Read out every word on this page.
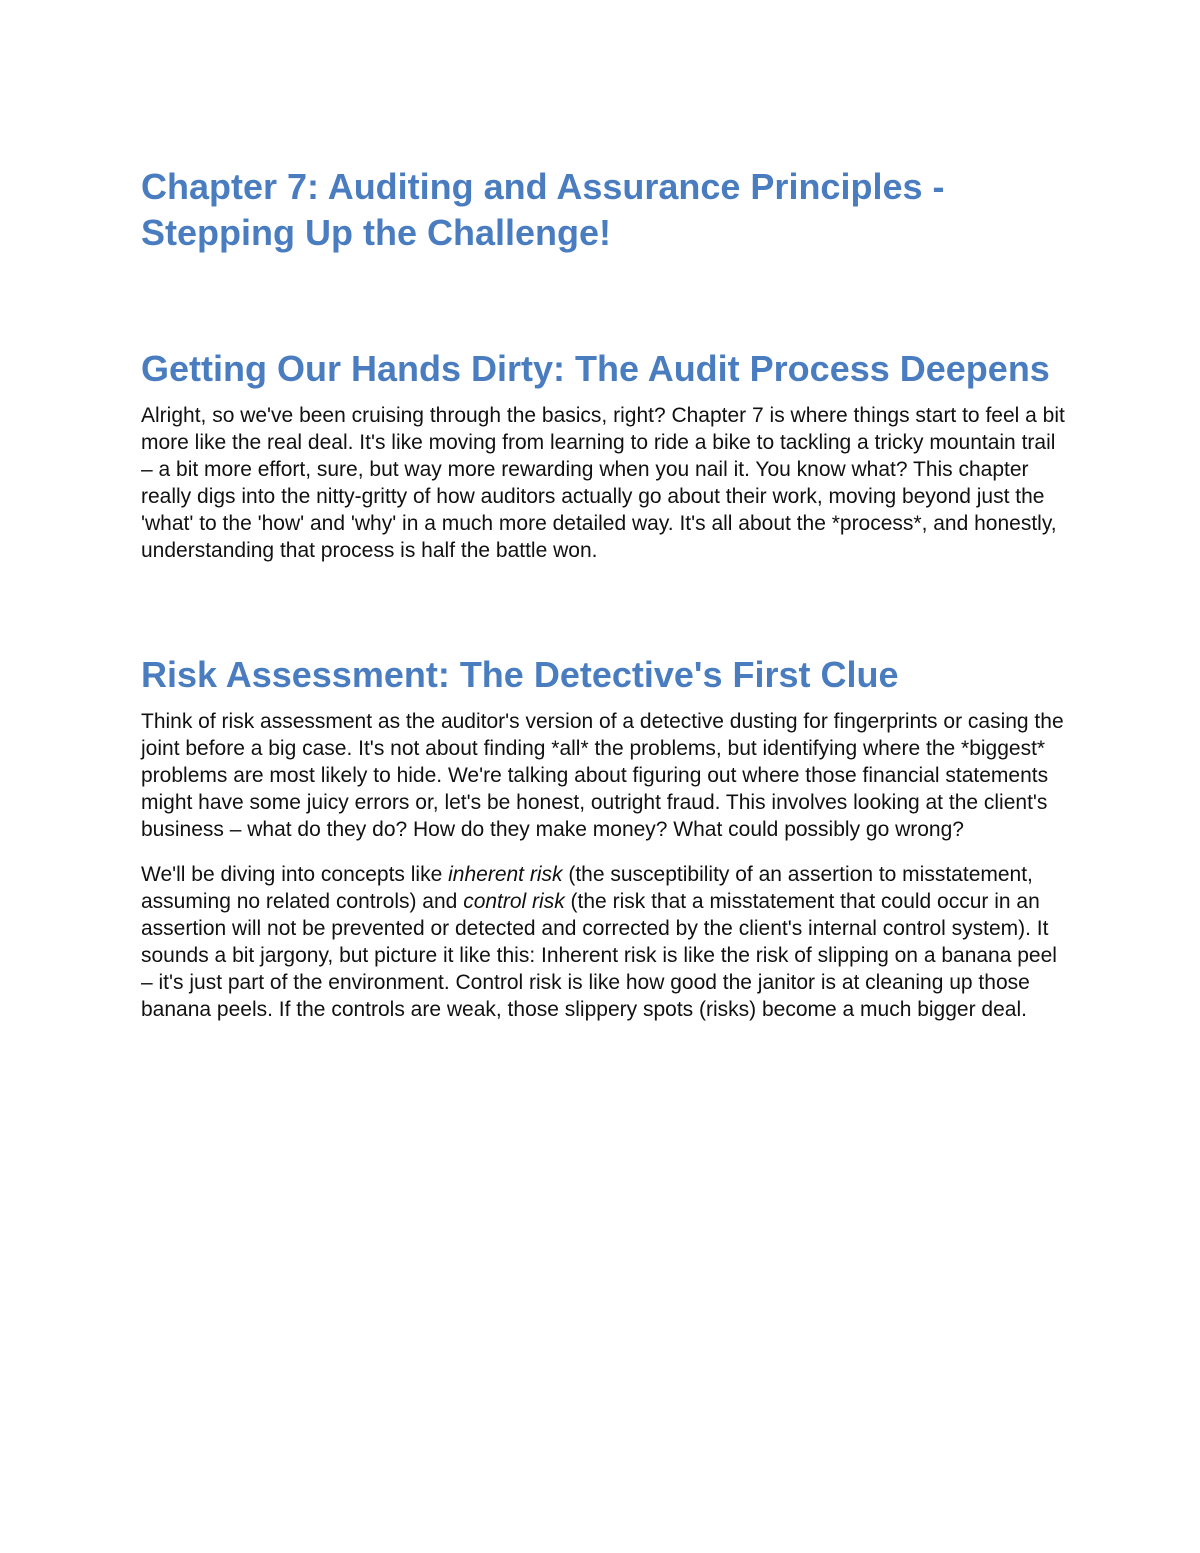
Chapter 7: Auditing and Assurance Principles - Stepping Up the Challenge!
Getting Our Hands Dirty: The Audit Process Deepens

Alright, so we've been cruising through the basics, right? Chapter 7 is where things start to feel a bit more like the real deal. It's like moving from learning to ride a bike to tackling a tricky mountain trail – a bit more effort, sure, but way more rewarding when you nail it. You know what? This chapter really digs into the nitty-gritty of how auditors actually go about their work, moving beyond just the 'what' to the 'how' and 'why' in a much more detailed way. It's all about the *process*, and honestly, understanding that process is half the battle won.

Risk Assessment: The Detective's First Clue

Think of risk assessment as the auditor's version of a detective dusting for fingerprints or casing the joint before a big case. It's not about finding *all* the problems, but identifying where the *biggest* problems are most likely to hide. We're talking about figuring out where those financial statements might have some juicy errors or, let's be honest, outright fraud. This involves looking at the client's business – what do they do? How do they make money? What could possibly go wrong?

We'll be diving into concepts like inherent risk (the susceptibility of an assertion to misstatement, assuming no related controls) and control risk (the risk that a misstatement that could occur in an assertion will not be prevented or detected and corrected by the client's internal control system). It sounds a bit jargony, but picture it like this: Inherent risk is like the risk of slipping on a banana peel – it's just part of the environment. Control risk is like how good the janitor is at cleaning up those banana peels. If the controls are weak, those slippery spots (risks) become a much bigger deal.
